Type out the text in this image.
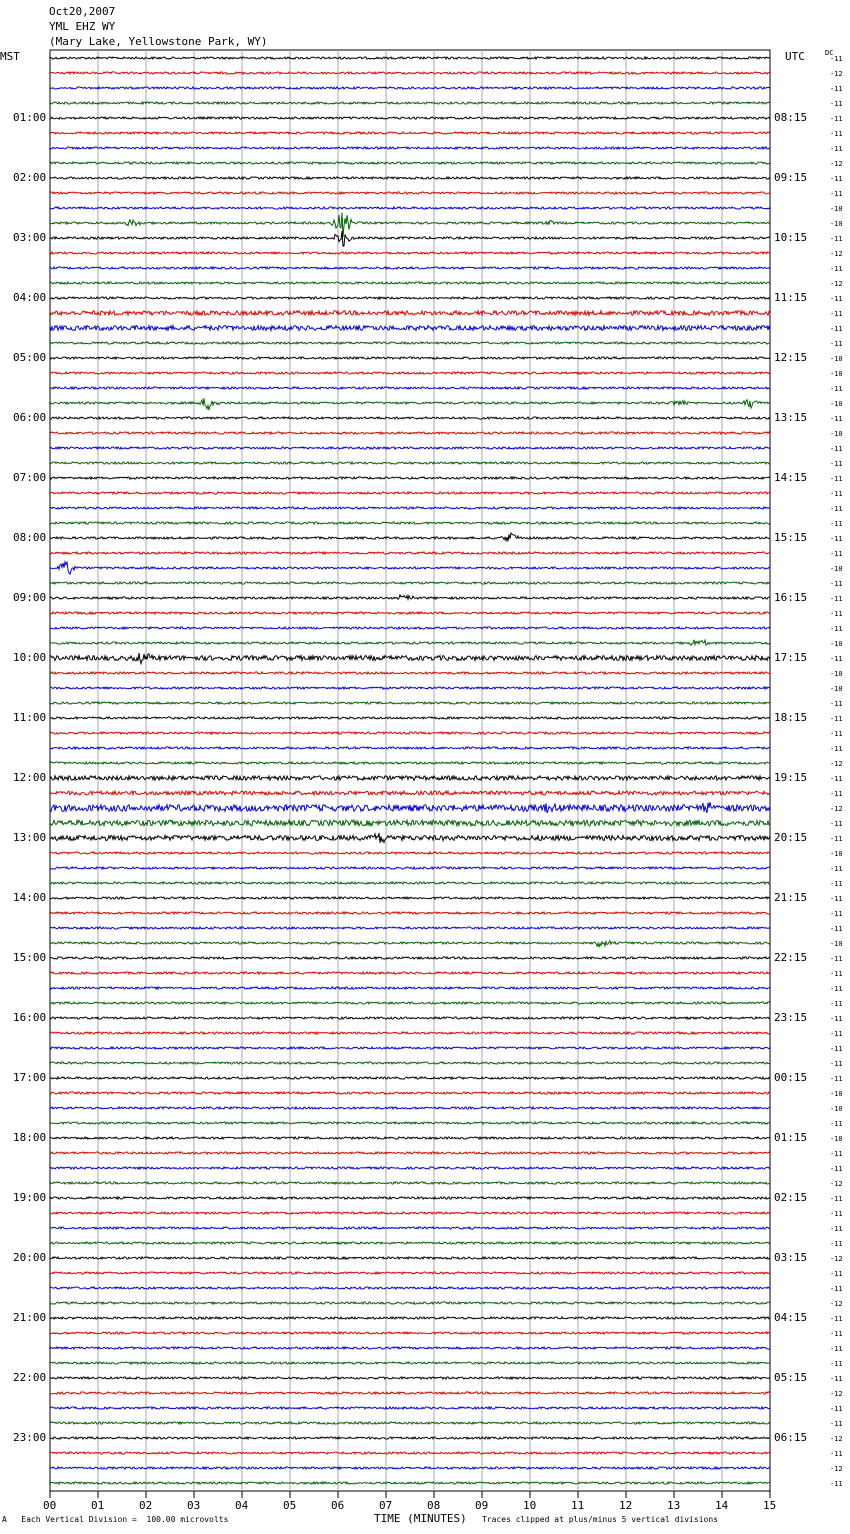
Oct20,2007
YML EHZ WY
(Mary Lake, Yellowstone Park, WY)
MST	UTC	DC
00	01	02	03	04	05	06	07	08	09	10	11	12	13	14	15
01:00
02:00
03:00
04:00
05:00
06:00
07:00
08:00
09:00
10:00
11:00
12:00
13:00
14:00
15:00
16:00
17:00
18:00
19:00
20:00
21:00
22:00
23:00
08:15
09:15
10:15
11:15
12:15
13:15
14:15
15:15
16:15
17:15
18:15
19:15
20:15
21:15
22:15
23:15
00:15
01:15
02:15
03:15
04:15
05:15
06:15
-11
-12
-11
-11
-11
-11
-11
-12
-11
-11
-10
-10
-11
-12
-11
-12
-11
-11
-11
-11
-10
-10
-11
-10
-11
-10
-11
-11
-11
-11
-11
-11
-11
-11
-10
-11
-11
-11
-11
-10
-11
-10
-10
-11
-11
-11
-11
-12
-11
-11
-12
-11
-11
-10
-11
-11
-11
-11
-11
-10
-11
-11
-11
-11
-11
-11
-11
-11
-11
-10
-10
-11
-10
-11
-11
-12
-11
-11
-11
-11
-12
-11
-11
-12
-11
-11
-11
-11
-11
-12
-11
-11
-12
-11
-12
-11
A Each Vertical Division =  100.00 microvolts	TIME (MINUTES) Traces clipped at plus/minus 5 vertical divisions
